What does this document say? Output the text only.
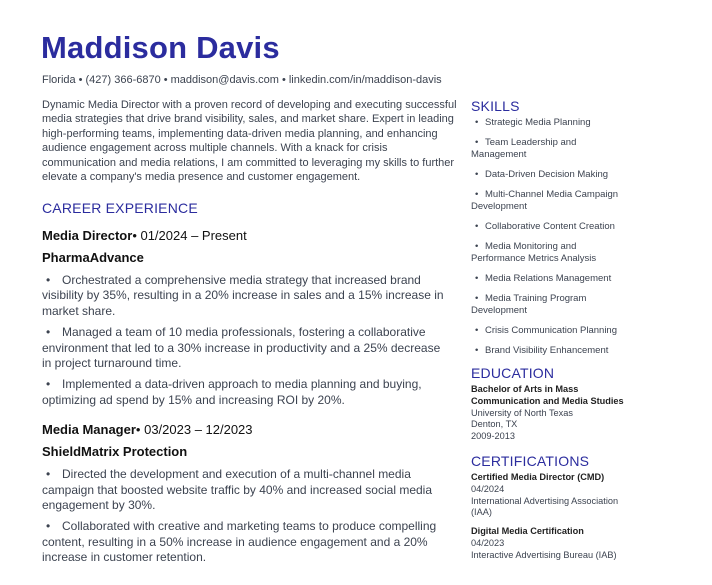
Maddison Davis
Florida • (427) 366-6870 • maddison@davis.com • linkedin.com/in/maddison-davis
Dynamic Media Director with a proven record of developing and executing successful media strategies that drive brand visibility, sales, and market share. Expert in leading high-performing teams, implementing data-driven media planning, and enhancing audience engagement across multiple channels. With a knack for crisis communication and media relations, I am committed to leveraging my skills to further elevate a company's media presence and customer engagement.
CAREER EXPERIENCE
Media Director• 01/2024 – Present
PharmaAdvance
• Orchestrated a comprehensive media strategy that increased brand visibility by 35%, resulting in a 20% increase in sales and a 15% increase in market share.
• Managed a team of 10 media professionals, fostering a collaborative environment that led to a 30% increase in productivity and a 25% decrease in project turnaround time.
• Implemented a data-driven approach to media planning and buying, optimizing ad spend by 15% and increasing ROI by 20%.
Media Manager• 03/2023 – 12/2023
ShieldMatrix Protection
• Directed the development and execution of a multi-channel media campaign that boosted website traffic by 40% and increased social media engagement by 30%.
• Collaborated with creative and marketing teams to produce compelling content, resulting in a 50% increase in audience engagement and a 20% increase in customer retention.
SKILLS
• Strategic Media Planning
• Team Leadership and Management
• Data-Driven Decision Making
• Multi-Channel Media Campaign Development
• Collaborative Content Creation
• Media Monitoring and Performance Metrics Analysis
• Media Relations Management
• Media Training Program Development
• Crisis Communication Planning
• Brand Visibility Enhancement
EDUCATION
Bachelor of Arts in Mass Communication and Media Studies
University of North Texas
Denton, TX
2009-2013
CERTIFICATIONS
Certified Media Director (CMD)
04/2024
International Advertising Association (IAA)
Digital Media Certification
04/2023
Interactive Advertising Bureau (IAB)
